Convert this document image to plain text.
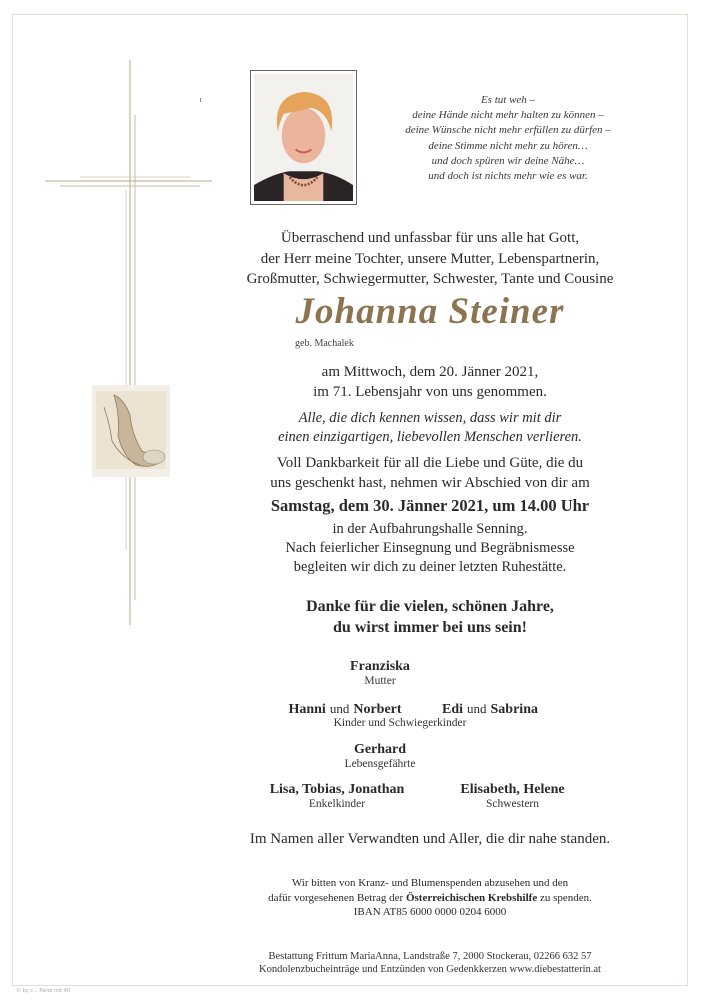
Es tut weh –
deine Hände nicht mehr halten zu können –
deine Wünsche nicht mehr erfüllen zu dürfen –
deine Stimme nicht mehr zu hören…
und doch spüren wir deine Nähe…
und doch ist nichts mehr wie es war.
Überraschend und unfassbar für uns alle hat Gott,
der Herr meine Tochter, unsere Mutter, Lebenspartnerin,
Großmutter, Schwiegermutter, Schwester, Tante und Cousine
Johanna Steiner
geb. Machalek
am Mittwoch, dem 20. Jänner 2021,
im 71. Lebensjahr von uns genommen.
Alle, die dich kennen wissen, dass wir mit dir
einen einzigartigen, liebevollen Menschen verlieren.
Voll Dankbarkeit für all die Liebe und Güte, die du
uns geschenkt hast, nehmen wir Abschied von dir am
Samstag, dem 30. Jänner 2021, um 14.00 Uhr
in der Aufbahrungshalle Senning.
Nach feierlicher Einsegnung und Begräbnismesse
begleiten wir dich zu deiner letzten Ruhestätte.
Danke für die vielen, schönen Jahre,
du wirst immer bei uns sein!
Franziska
Mutter
Hanni und Norbert	Edi und Sabrina
Kinder und Schwiegerkinder
Gerhard
Lebensgefährte
Lisa, Tobias, Jonathan
Enkelkinder
Elisabeth, Helene
Schwestern
Im Namen aller Verwandten und Aller, die dir nahe standen.
Wir bitten von Kranz- und Blumenspenden abzusehen und den
dafür vorgesehenen Betrag der Österreichischen Krebshilfe zu spenden.
IBAN AT85 6000 0000 0204 6000
Bestattung Frittum MariaAnna, Landstraße 7, 2000 Stockerau, 02266 632 57
Kondolenzbucheinträge und Entzünden von Gedenkkerzen www.diebestatterin.at
© by c... Parte mit 40
